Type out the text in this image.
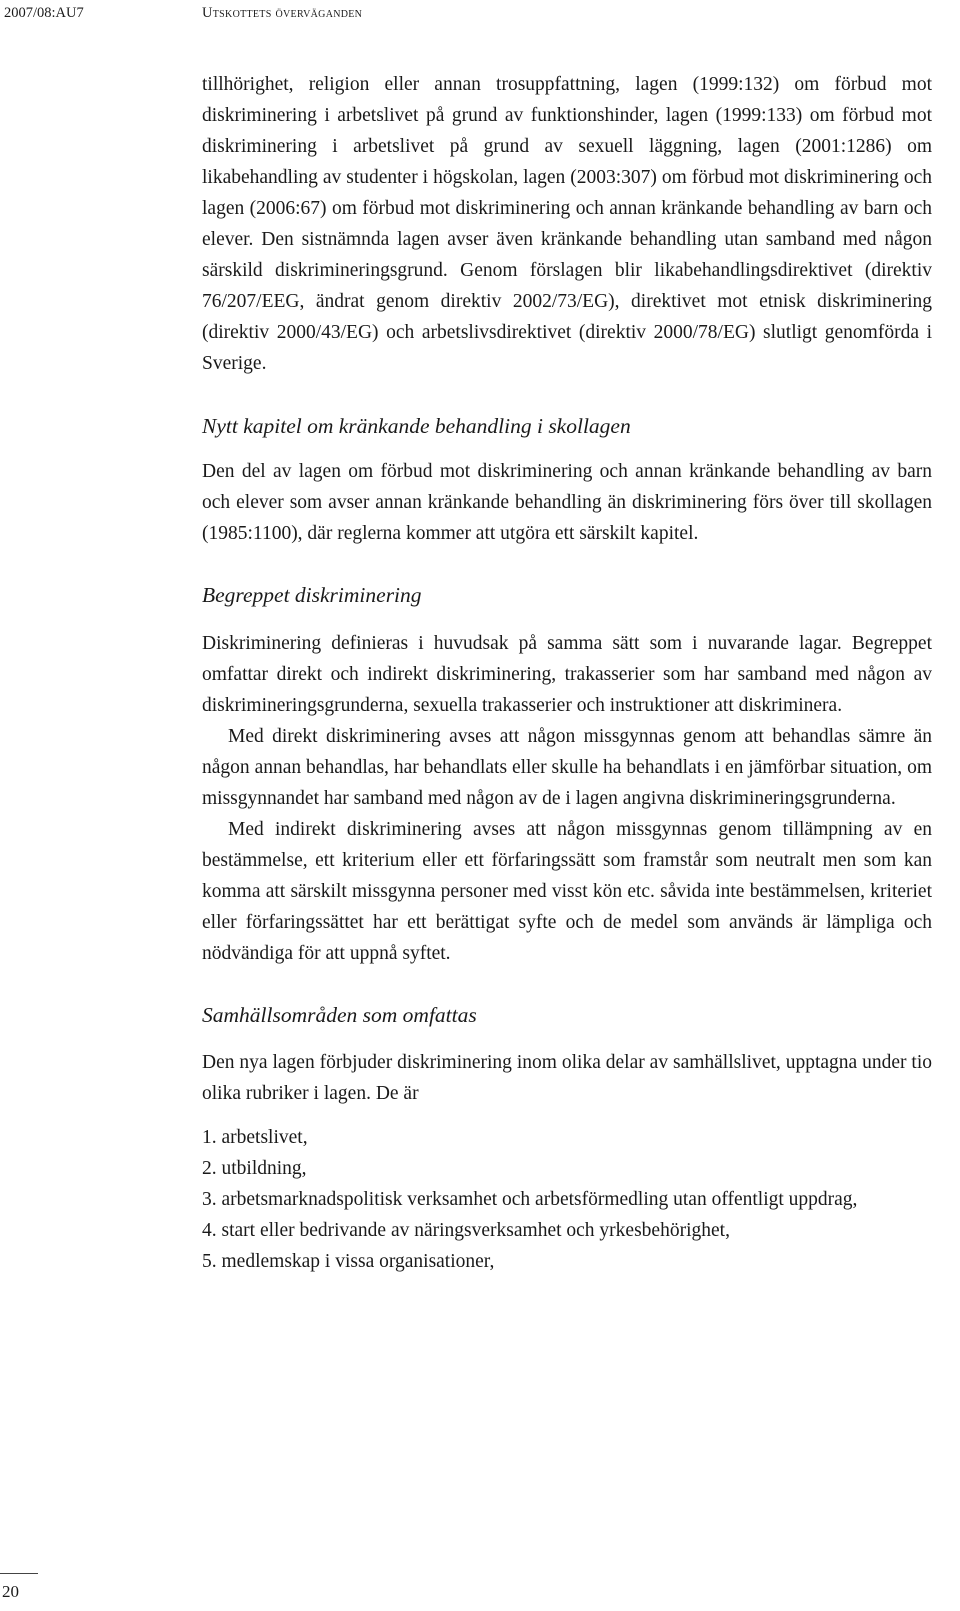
2007/08:AU7	Utskottets överväganden

tillhörighet, religion eller annan trosuppfattning, lagen (1999:132) om förbud mot diskriminering i arbetslivet på grund av funktionshinder, lagen (1999:133) om förbud mot diskriminering i arbetslivet på grund av sexuell läggning, lagen (2001:1286) om likabehandling av studenter i högskolan, lagen (2003:307) om förbud mot diskriminering och lagen (2006:67) om förbud mot diskriminering och annan kränkande behandling av barn och elever. Den sistnämnda lagen avser även kränkande behandling utan samband med någon särskild diskrimineringsgrund. Genom förslagen blir likabehandlingsdirektivet (direktiv 76/207/EEG, ändrat genom direktiv 2002/73/EG), direktivet mot etnisk diskriminering (direktiv 2000/43/EG) och arbetslivsdirektivet (direktiv 2000/78/EG) slutligt genomförda i Sverige.

Nytt kapitel om kränkande behandling i skollagen

Den del av lagen om förbud mot diskriminering och annan kränkande behandling av barn och elever som avser annan kränkande behandling än diskriminering förs över till skollagen (1985:1100), där reglerna kommer att utgöra ett särskilt kapitel.

Begreppet diskriminering

Diskriminering definieras i huvudsak på samma sätt som i nuvarande lagar. Begreppet omfattar direkt och indirekt diskriminering, trakasserier som har samband med någon av diskrimineringsgrunderna, sexuella trakasserier och instruktioner att diskriminera.

Med direkt diskriminering avses att någon missgynnas genom att behandlas sämre än någon annan behandlas, har behandlats eller skulle ha behandlats i en jämförbar situation, om missgynnandet har samband med någon av de i lagen angivna diskrimineringsgrunderna.

Med indirekt diskriminering avses att någon missgynnas genom tillämpning av en bestämmelse, ett kriterium eller ett förfaringssätt som framstår som neutralt men som kan komma att särskilt missgynna personer med visst kön etc. såvida inte bestämmelsen, kriteriet eller förfaringssättet har ett berättigat syfte och de medel som används är lämpliga och nödvändiga för att uppnå syftet.

Samhällsområden som omfattas

Den nya lagen förbjuder diskriminering inom olika delar av samhällslivet, upptagna under tio olika rubriker i lagen. De är

1. arbetslivet,

2. utbildning,

3. arbetsmarknadspolitisk verksamhet och arbetsförmedling utan offentligt uppdrag,

4. start eller bedrivande av näringsverksamhet och yrkesbehörighet,

5. medlemskap i vissa organisationer,

20
